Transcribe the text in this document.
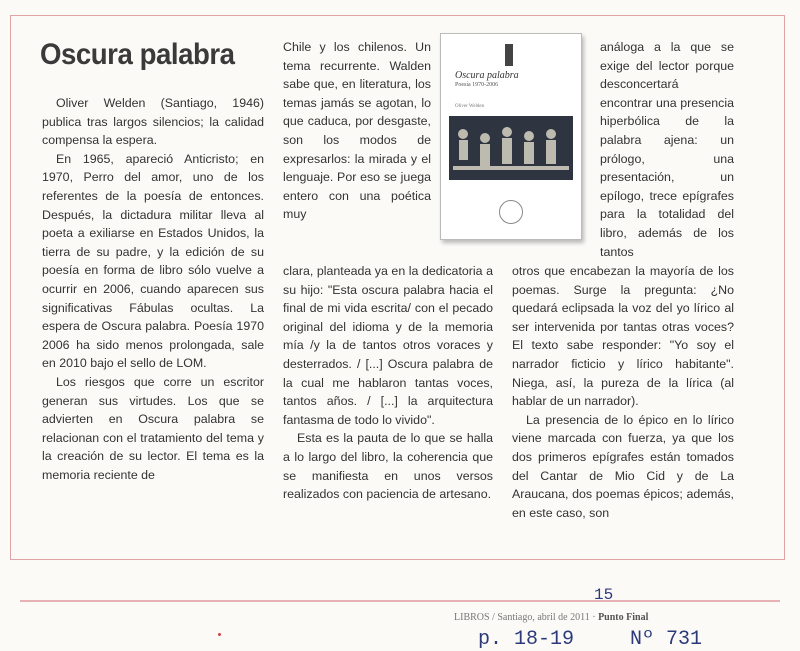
Oscura palabra

Oliver Welden (Santiago, 1946) publica tras largos silencios; la calidad compensa la espera.

En 1965, apareció Anticristo; en 1970, Perro del amor, uno de los referentes de la poesía de entonces. Después, la dictadura militar lleva al poeta a exiliarse en Estados Unidos, la tierra de su padre, y la edición de su poesía en forma de libro sólo vuelve a ocurrir en 2006, cuando aparecen sus significativas Fábulas ocultas. La espera de Oscura palabra. Poesía 1970 2006 ha sido menos prolongada, sale en 2010 bajo el sello de LOM.

Los riesgos que corre un escritor generan sus virtudes. Los que se advierten en Oscura palabra se relacionan con el tratamiento del tema y la creación de su lector. El tema es la memoria reciente de

Chile y los chilenos. Un tema recurrente. Walden sabe que, en literatura, los temas jamás se agotan, lo que caduca, por desgaste, son los modos de expresarlos: la mirada y el lenguaje. Por eso se juega entero con una poética muy

clara, planteada ya en la dedicatoria a su hijo: "Esta oscura palabra hacia el final de mi vida escrita/ con el pecado original del idioma y de la memoria mía /y la de tantos otros voraces y desterrados. / [...] Oscura palabra de la cual me hablaron tantas voces, tantos años. / [...] la arquitectura fantasma de todo lo vivido".

Esta es la pauta de lo que se halla a lo largo del libro, la coherencia que se manifiesta en unos versos realizados con paciencia de artesano.

análoga a la que se exige del lector porque desconcertará encontrar una presencia hiperbólica de la palabra ajena: un prólogo, una presentación, un epílogo, trece epígrafes para la totalidad del libro, además de los tantos

otros que encabezan la mayoría de los poemas. Surge la pregunta: ¿No quedará eclipsada la voz del yo lírico al ser intervenida por tantas otras voces? El texto sabe responder: "Yo soy el narrador ficticio y lírico habitante". Niega, así, la pureza de la lírica (al hablar de un narrador).

La presencia de lo épico en lo lírico viene marcada con fuerza, ya que los dos primeros epígrafes están tomados del Cantar de Mio Cid y de La Araucana, dos poemas épicos; además, en este caso, son

Oscura palabra
Poesía 1970-2006
Oliver Welden
LIBROS / Santiago, abril de 2011 · Punto Final
15
p. 18-19	Nº 731
